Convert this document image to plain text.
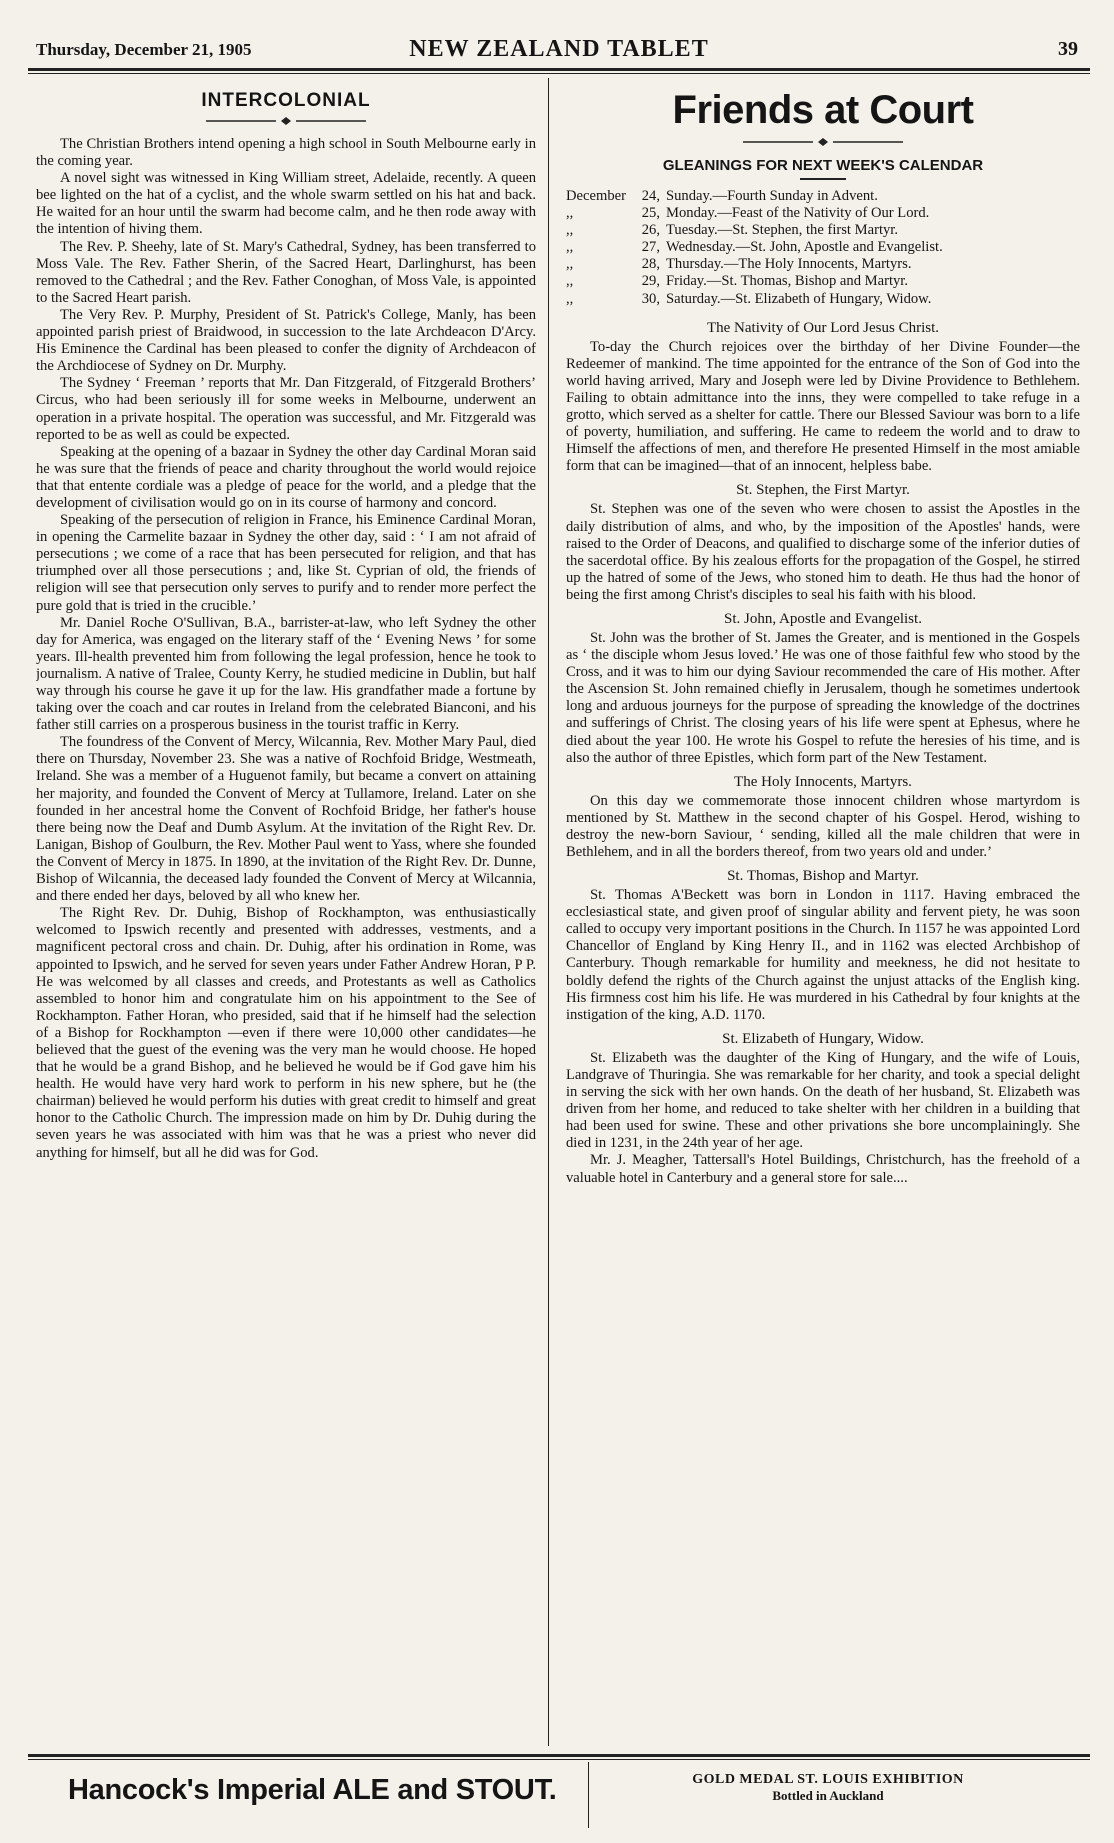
Thursday, December 21, 1905	NEW ZEALAND TABLET	39
INTERCOLONIAL

The Christian Brothers intend opening a high school in South Melbourne early in the coming year.

A novel sight was witnessed in King William street, Adelaide, recently. A queen bee lighted on the hat of a cyclist, and the whole swarm settled on his hat and back. He waited for an hour until the swarm had become calm, and he then rode away with the intention of hiving them.

The Rev. P. Sheehy, late of St. Mary's Cathedral, Sydney, has been transferred to Moss Vale. The Rev. Father Sherin, of the Sacred Heart, Darlinghurst, has been removed to the Cathedral ; and the Rev. Father Conoghan, of Moss Vale, is appointed to the Sacred Heart parish.

The Very Rev. P. Murphy, President of St. Patrick's College, Manly, has been appointed parish priest of Braidwood, in succession to the late Archdeacon D'Arcy. His Eminence the Cardinal has been pleased to confer the dignity of Archdeacon of the Archdiocese of Sydney on Dr. Murphy.

The Sydney ‘ Freeman ’ reports that Mr. Dan Fitzgerald, of Fitzgerald Brothers’ Circus, who had been seriously ill for some weeks in Melbourne, underwent an operation in a private hospital. The operation was successful, and Mr. Fitzgerald was reported to be as well as could be expected.

Speaking at the opening of a bazaar in Sydney the other day Cardinal Moran said he was sure that the friends of peace and charity throughout the world would rejoice that that entente cordiale was a pledge of peace for the world, and a pledge that the development of civilisation would go on in its course of harmony and concord.

Speaking of the persecution of religion in France, his Eminence Cardinal Moran, in opening the Carmelite bazaar in Sydney the other day, said : ‘ I am not afraid of persecutions ; we come of a race that has been persecuted for religion, and that has triumphed over all those persecutions ; and, like St. Cyprian of old, the friends of religion will see that persecution only serves to purify and to render more perfect the pure gold that is tried in the crucible.’

Mr. Daniel Roche O'Sullivan, B.A., barrister-at-law, who left Sydney the other day for America, was engaged on the literary staff of the ‘ Evening News ’ for some years. Ill-health prevented him from following the legal profession, hence he took to journalism. A native of Tralee, County Kerry, he studied medicine in Dublin, but half way through his course he gave it up for the law. His grandfather made a fortune by taking over the coach and car routes in Ireland from the celebrated Bianconi, and his father still carries on a prosperous business in the tourist traffic in Kerry.

The foundress of the Convent of Mercy, Wilcannia, Rev. Mother Mary Paul, died there on Thursday, November 23. She was a native of Rochfoid Bridge, Westmeath, Ireland. She was a member of a Huguenot family, but became a convert on attaining her majority, and founded the Convent of Mercy at Tullamore, Ireland. Later on she founded in her ancestral home the Convent of Rochfoid Bridge, her father's house there being now the Deaf and Dumb Asylum. At the invitation of the Right Rev. Dr. Lanigan, Bishop of Goulburn, the Rev. Mother Paul went to Yass, where she founded the Convent of Mercy in 1875. In 1890, at the invitation of the Right Rev. Dr. Dunne, Bishop of Wilcannia, the deceased lady founded the Convent of Mercy at Wilcannia, and there ended her days, beloved by all who knew her.

The Right Rev. Dr. Duhig, Bishop of Rockhampton, was enthusiastically welcomed to Ipswich recently and presented with addresses, vestments, and a magnificent pectoral cross and chain. Dr. Duhig, after his ordination in Rome, was appointed to Ipswich, and he served for seven years under Father Andrew Horan, P P. He was welcomed by all classes and creeds, and Protestants as well as Catholics assembled to honor him and congratulate him on his appointment to the See of Rockhampton. Father Horan, who presided, said that if he himself had the selection of a Bishop for Rockhampton —even if there were 10,000 other candidates—he believed that the guest of the evening was the very man he would choose. He hoped that he would be a grand Bishop, and he believed he would be if God gave him his health. He would have very hard work to perform in his new sphere, but he (the chairman) believed he would perform his duties with great credit to himself and great honor to the Catholic Church. The impression made on him by Dr. Duhig during the seven years he was associated with him was that he was a priest who never did anything for himself, but all he did was for God.

Friends at Court
GLEANINGS FOR NEXT WEEK'S CALENDAR
December	24, Sunday.—Fourth Sunday in Advent.
,,	25, Monday.—Feast of the Nativity of Our Lord.
,,	26, Tuesday.—St. Stephen, the first Martyr.
,,	27, Wednesday.—St. John, Apostle and Evangelist.
,,	28, Thursday.—The Holy Innocents, Martyrs.
,,	29, Friday.—St. Thomas, Bishop and Martyr.
,,	30, Saturday.—St. Elizabeth of Hungary, Widow.
The Nativity of Our Lord Jesus Christ.

To-day the Church rejoices over the birthday of her Divine Founder—the Redeemer of mankind. The time appointed for the entrance of the Son of God into the world having arrived, Mary and Joseph were led by Divine Providence to Bethlehem. Failing to obtain admittance into the inns, they were compelled to take refuge in a grotto, which served as a shelter for cattle. There our Blessed Saviour was born to a life of poverty, humiliation, and suffering. He came to redeem the world and to draw to Himself the affections of men, and therefore He presented Himself in the most amiable form that can be imagined—that of an innocent, helpless babe.

St. Stephen, the First Martyr.

St. Stephen was one of the seven who were chosen to assist the Apostles in the daily distribution of alms, and who, by the imposition of the Apostles' hands, were raised to the Order of Deacons, and qualified to discharge some of the inferior duties of the sacerdotal office. By his zealous efforts for the propagation of the Gospel, he stirred up the hatred of some of the Jews, who stoned him to death. He thus had the honor of being the first among Christ's disciples to seal his faith with his blood.

St. John, Apostle and Evangelist.

St. John was the brother of St. James the Greater, and is mentioned in the Gospels as ‘ the disciple whom Jesus loved.’ He was one of those faithful few who stood by the Cross, and it was to him our dying Saviour recommended the care of His mother. After the Ascension St. John remained chiefly in Jerusalem, though he sometimes undertook long and arduous journeys for the purpose of spreading the knowledge of the doctrines and sufferings of Christ. The closing years of his life were spent at Ephesus, where he died about the year 100. He wrote his Gospel to refute the heresies of his time, and is also the author of three Epistles, which form part of the New Testament.

The Holy Innocents, Martyrs.

On this day we commemorate those innocent children whose martyrdom is mentioned by St. Matthew in the second chapter of his Gospel. Herod, wishing to destroy the new-born Saviour, ‘ sending, killed all the male children that were in Bethlehem, and in all the borders thereof, from two years old and under.’

St. Thomas, Bishop and Martyr.

St. Thomas A'Beckett was born in London in 1117. Having embraced the ecclesiastical state, and given proof of singular ability and fervent piety, he was soon called to occupy very important positions in the Church. In 1157 he was appointed Lord Chancellor of England by King Henry II., and in 1162 was elected Archbishop of Canterbury. Though remarkable for humility and meekness, he did not hesitate to boldly defend the rights of the Church against the unjust attacks of the English king. His firmness cost him his life. He was murdered in his Cathedral by four knights at the instigation of the king, A.D. 1170.

St. Elizabeth of Hungary, Widow.

St. Elizabeth was the daughter of the King of Hungary, and the wife of Louis, Landgrave of Thuringia. She was remarkable for her charity, and took a special delight in serving the sick with her own hands. On the death of her husband, St. Elizabeth was driven from her home, and reduced to take shelter with her children in a building that had been used for swine. These and other privations she bore uncomplainingly. She died in 1231, in the 24th year of her age.

Mr. J. Meagher, Tattersall's Hotel Buildings, Christchurch, has the freehold of a valuable hotel in Canterbury and a general store for sale....

Hancock's Imperial ALE and STOUT.	GOLD MEDAL ST. LOUIS EXHIBITION
Bottled in Auckland
